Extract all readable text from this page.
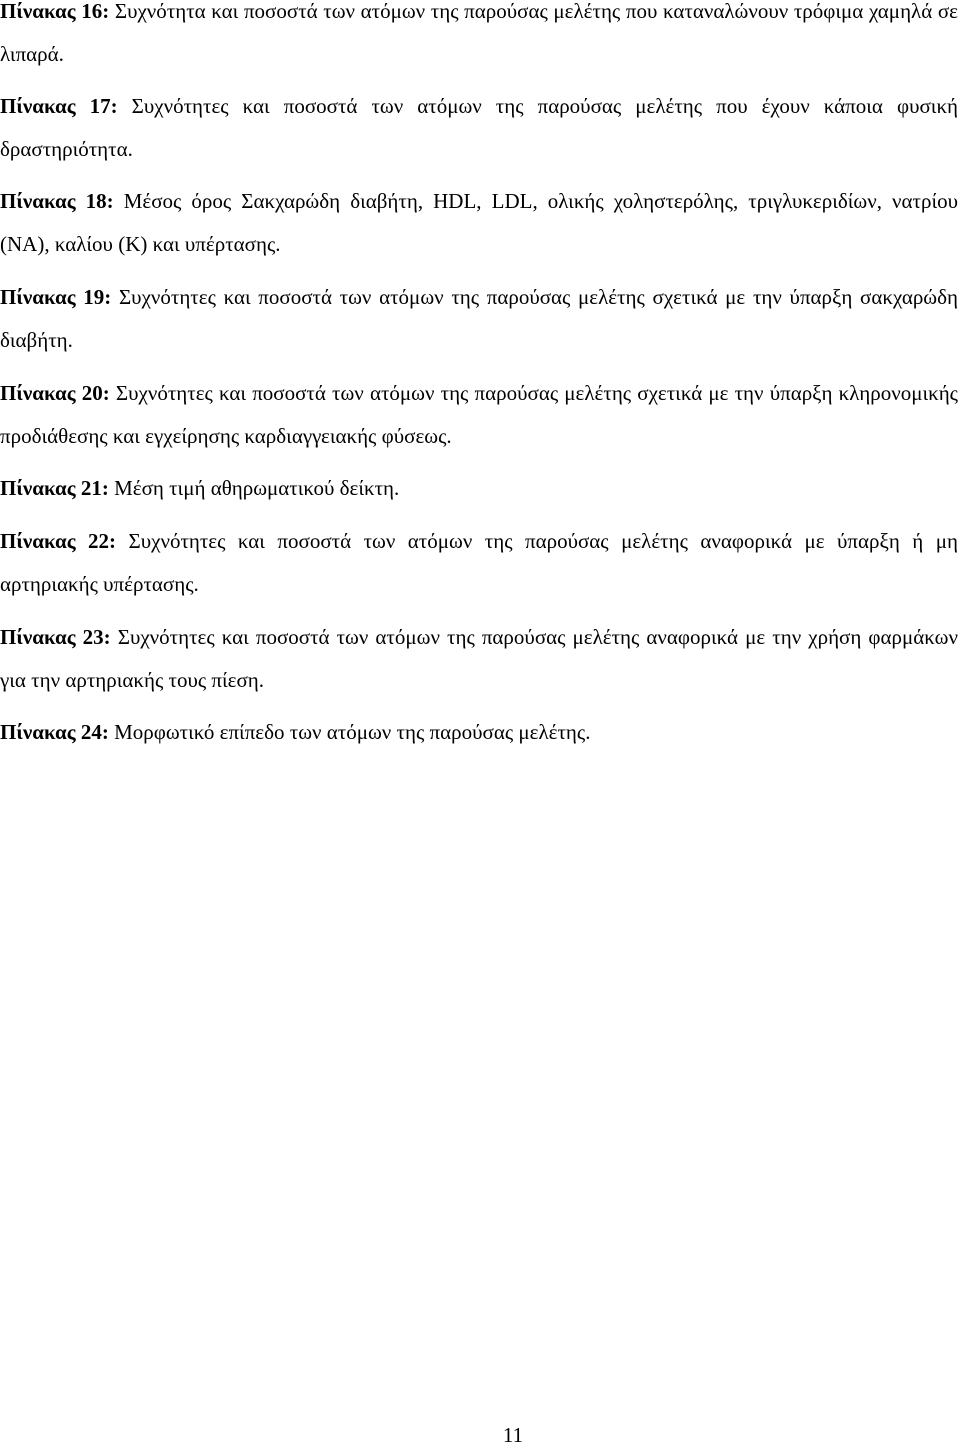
Πίνακας 16: Συχνότητα και ποσοστά των ατόμων της παρούσας μελέτης που καταναλώνουν τρόφιμα χαμηλά σε λιπαρά.

Πίνακας 17: Συχνότητες και ποσοστά των ατόμων της παρούσας μελέτης που έχουν κάποια φυσική δραστηριότητα.

Πίνακας 18: Μέσος όρος Σακχαρώδη διαβήτη, HDL, LDL, ολικής χοληστερόλης, τριγλυκεριδίων, νατρίου (ΝΑ), καλίου (Κ) και υπέρτασης.

Πίνακας 19: Συχνότητες και ποσοστά των ατόμων της παρούσας μελέτης σχετικά με την ύπαρξη σακχαρώδη διαβήτη.

Πίνακας 20: Συχνότητες και ποσοστά των ατόμων της παρούσας μελέτης σχετικά με την ύπαρξη κληρονομικής προδιάθεσης και εγχείρησης καρδιαγγειακής φύσεως.

Πίνακας 21: Μέση τιμή αθηρωματικού δείκτη.

Πίνακας 22: Συχνότητες και ποσοστά των ατόμων της παρούσας μελέτης αναφορικά με ύπαρξη ή μη αρτηριακής υπέρτασης.

Πίνακας 23: Συχνότητες και ποσοστά των ατόμων της παρούσας μελέτης αναφορικά με την χρήση φαρμάκων για την αρτηριακής τους πίεση.

Πίνακας 24: Μορφωτικό επίπεδο των ατόμων της παρούσας μελέτης.

11
